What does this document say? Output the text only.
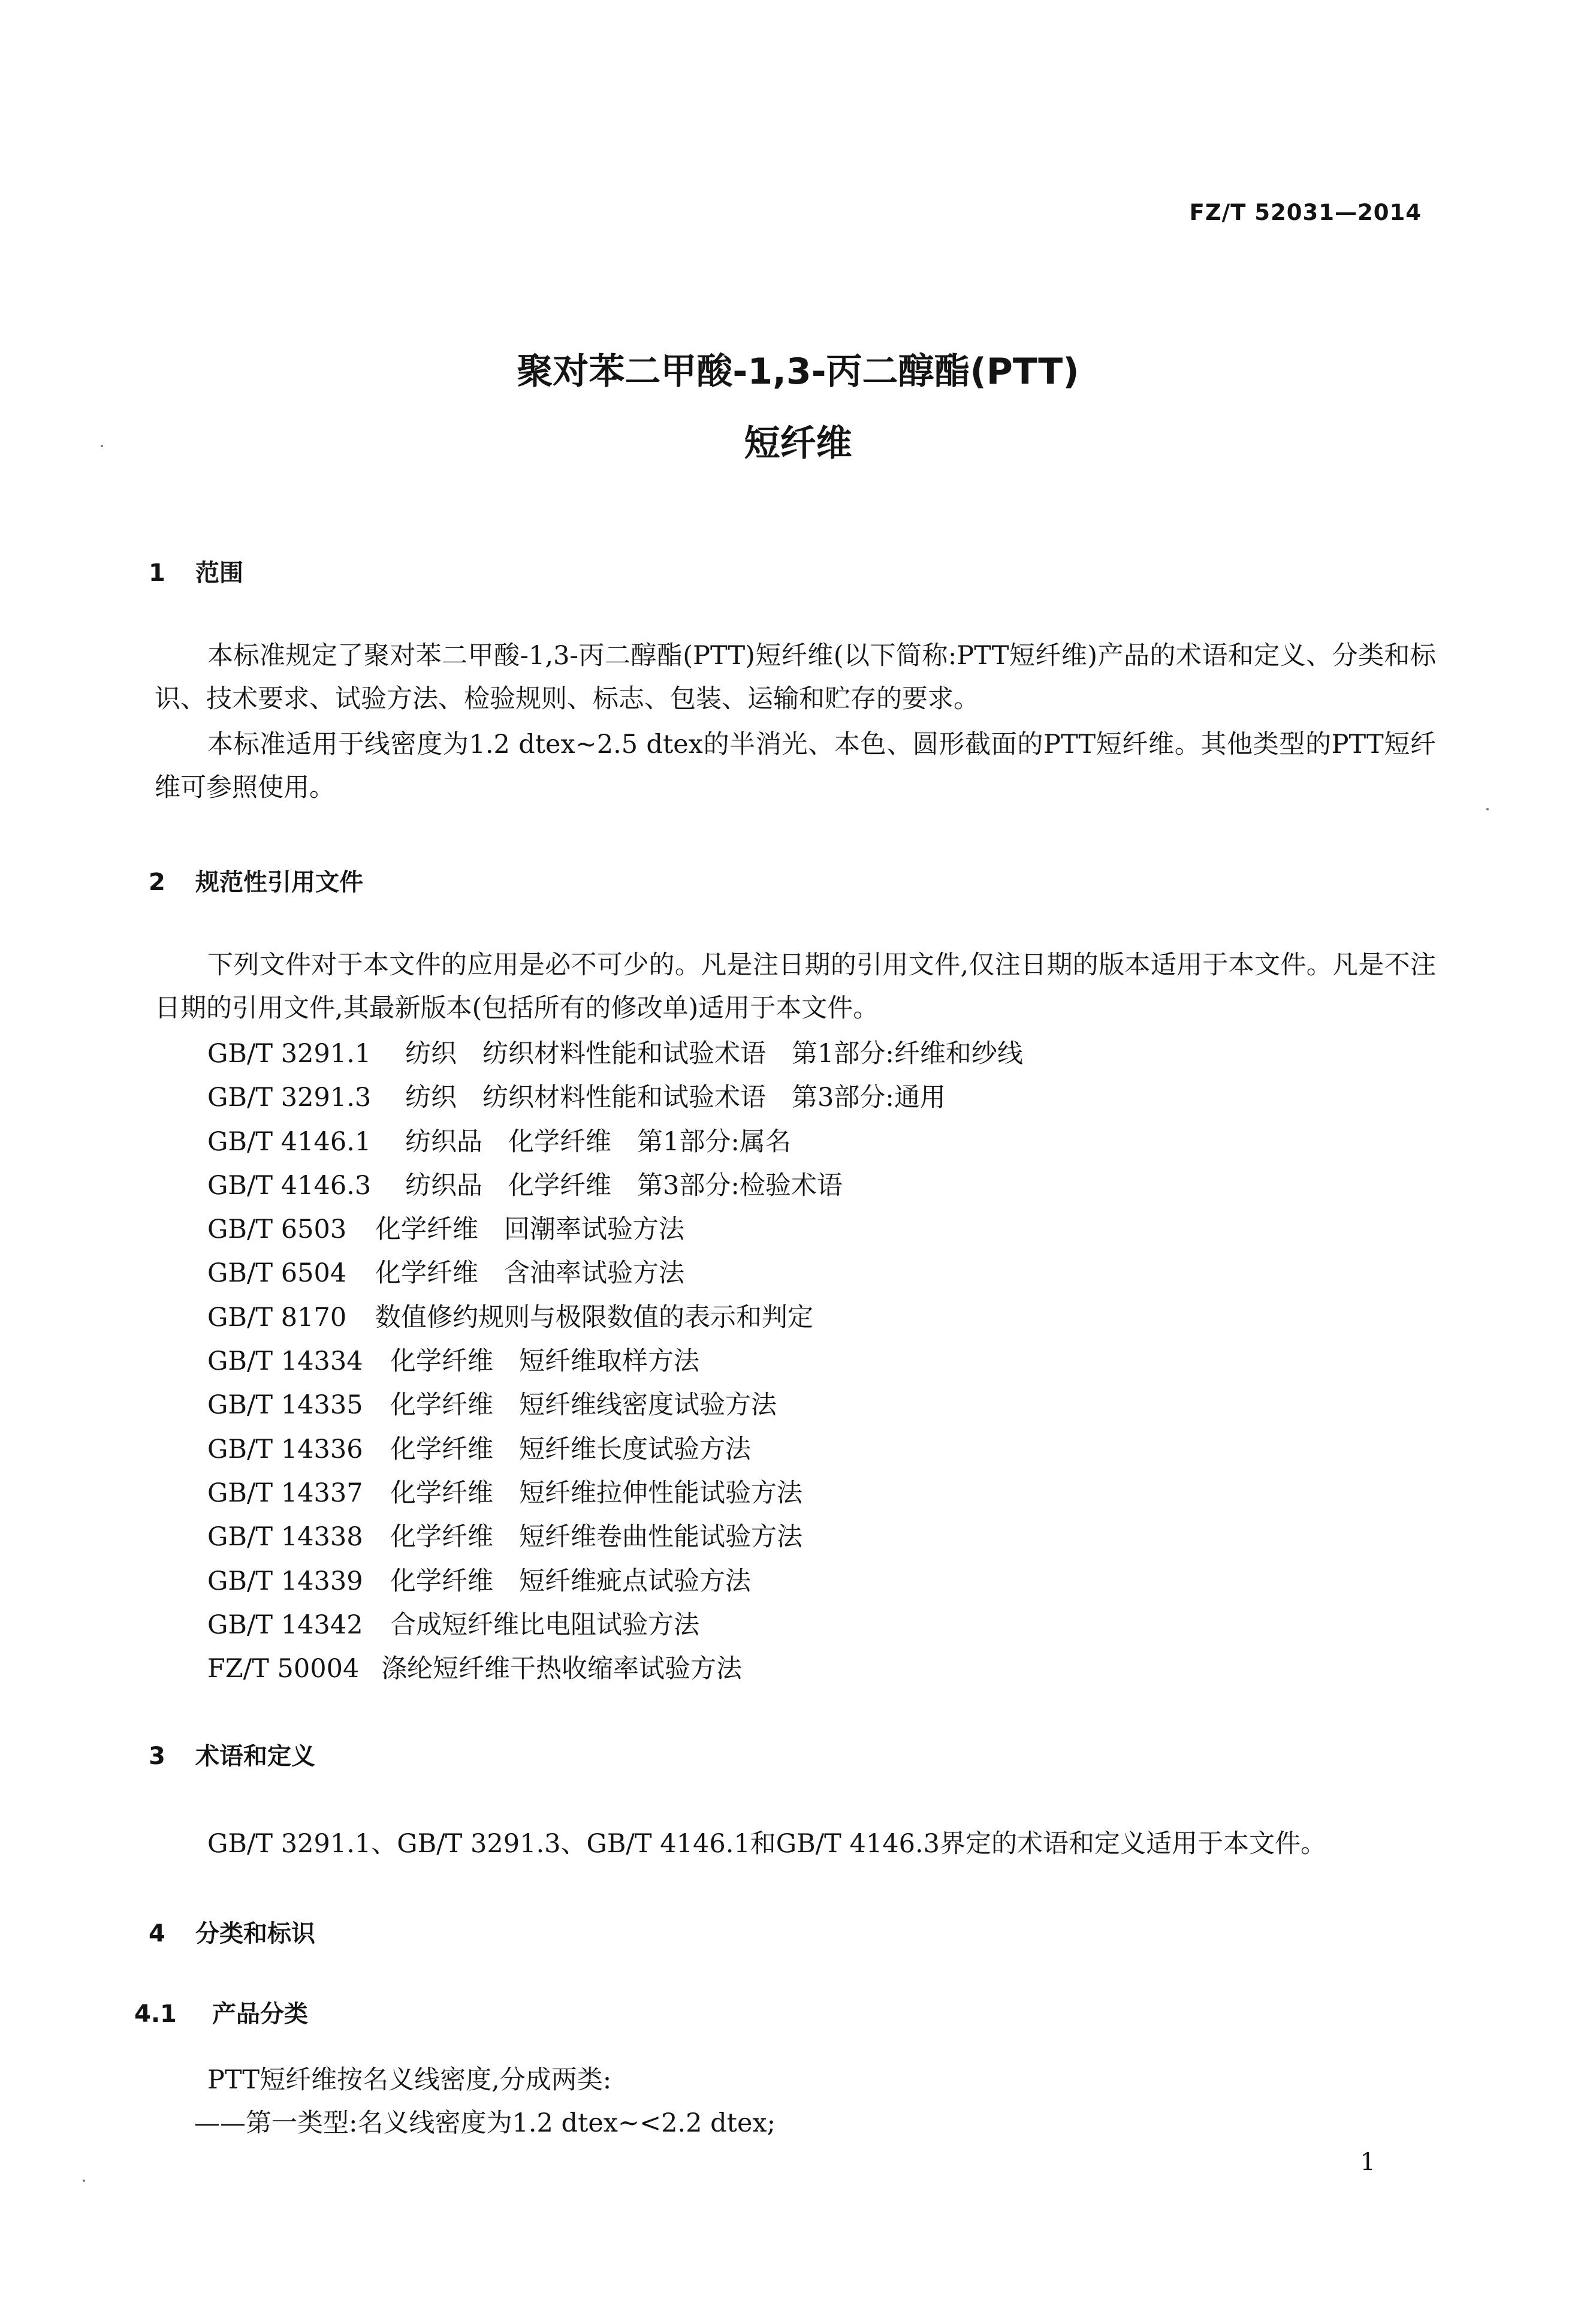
FZ/T 52031—2014
聚对苯二甲酸-1,3-丙二醇酯(PTT)
短纤维
1 范围
本标准规定了聚对苯二甲酸-1,3-丙二醇酯(PTT)短纤维(以下简称:PTT短纤维)产品的术语和定义、分类和标识、技术要求、试验方法、检验规则、标志、包装、运输和贮存的要求。
本标准适用于线密度为1.2 dtex~2.5 dtex的半消光、本色、圆形截面的PTT短纤维。其他类型的PTT短纤维可参照使用。
2 规范性引用文件
下列文件对于本文件的应用是必不可少的。凡是注日期的引用文件,仅注日期的版本适用于本文件。凡是不注日期的引用文件,其最新版本(包括所有的修改单)适用于本文件。
GB/T 3291.1 纺织　纺织材料性能和试验术语　第1部分:纤维和纱线
GB/T 3291.3 纺织　纺织材料性能和试验术语　第3部分:通用
GB/T 4146.1 纺织品　化学纤维　第1部分:属名
GB/T 4146.3 纺织品　化学纤维　第3部分:检验术语
GB/T 6503 化学纤维　回潮率试验方法
GB/T 6504 化学纤维　含油率试验方法
GB/T 8170 数值修约规则与极限数值的表示和判定
GB/T 14334 化学纤维　短纤维取样方法
GB/T 14335 化学纤维　短纤维线密度试验方法
GB/T 14336 化学纤维　短纤维长度试验方法
GB/T 14337 化学纤维　短纤维拉伸性能试验方法
GB/T 14338 化学纤维　短纤维卷曲性能试验方法
GB/T 14339 化学纤维　短纤维疵点试验方法
GB/T 14342 合成短纤维比电阻试验方法
FZ/T 50004 涤纶短纤维干热收缩率试验方法
3 术语和定义
GB/T 3291.1、GB/T 3291.3、GB/T 4146.1和GB/T 4146.3界定的术语和定义适用于本文件。
4 分类和标识
4.1 产品分类
PTT短纤维按名义线密度,分成两类:
——第一类型:名义线密度为1.2 dtex~<2.2 dtex;
1
